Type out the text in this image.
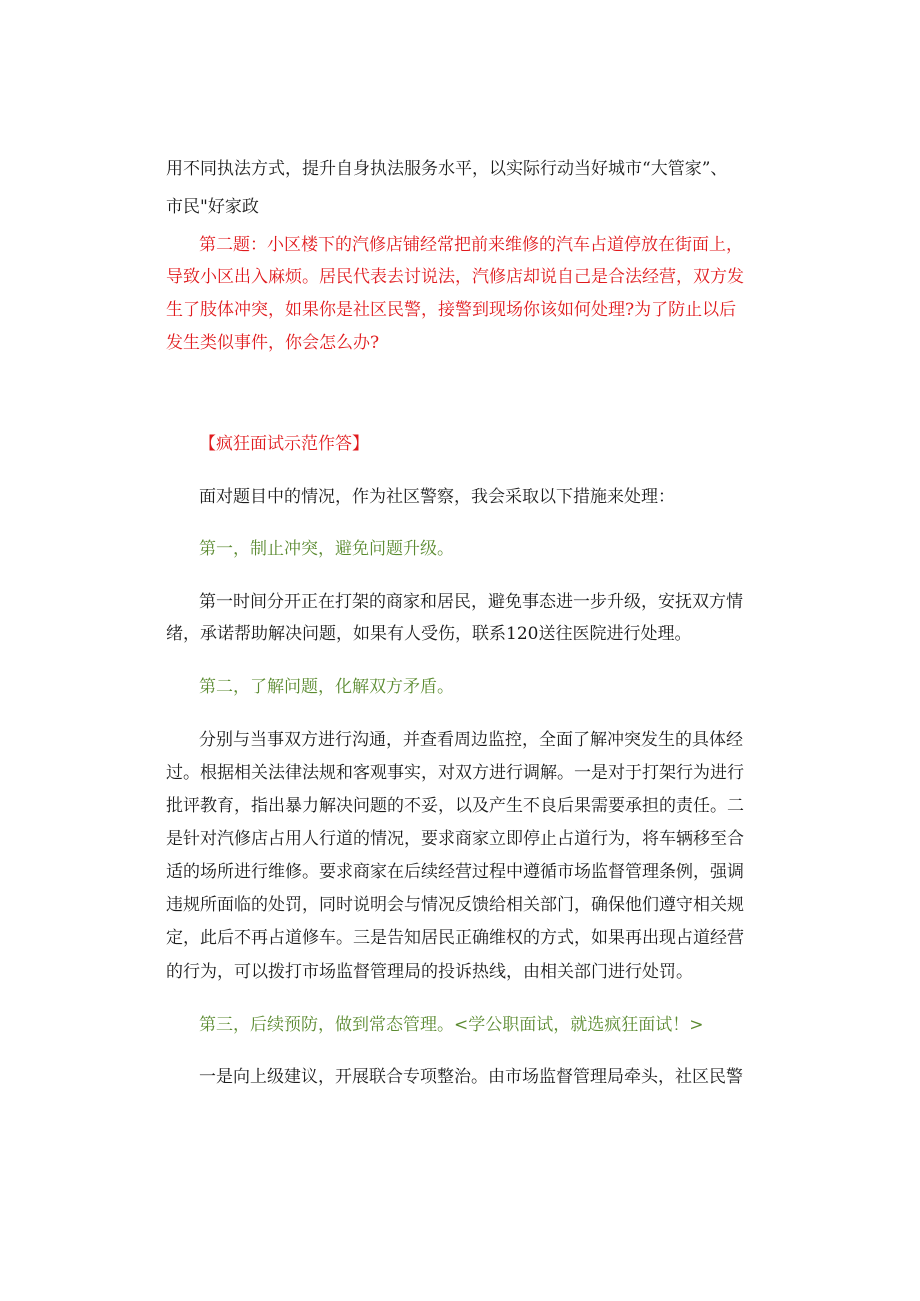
用不同执法方式，提升自身执法服务水平，以实际行动当好城市“大管家”、
市民"好家政
第二题：小区楼下的汽修店铺经常把前来维修的汽车占道停放在街面上，
导致小区出入麻烦。居民代表去讨说法，汽修店却说自己是合法经营，双方发
生了肢体冲突，如果你是社区民警，接警到现场你该如何处理?为了防止以后
发生类似事件，你会怎么办?
【疯狂面试示范作答】
面对题目中的情况，作为社区警察，我会采取以下措施来处理：
第一，制止冲突，避免问题升级。
第一时间分开正在打架的商家和居民，避免事态进一步升级，安抚双方情
绪，承诺帮助解决问题，如果有人受伤，联系120送往医院进行处理。
第二，了解问题，化解双方矛盾。
分别与当事双方进行沟通，并查看周边监控，全面了解冲突发生的具体经
过。根据相关法律法规和客观事实，对双方进行调解。一是对于打架行为进行
批评教育，指出暴力解决问题的不妥，以及产生不良后果需要承担的责任。二
是针对汽修店占用人行道的情况，要求商家立即停止占道行为，将车辆移至合
适的场所进行维修。要求商家在后续经营过程中遵循市场监督管理条例，强调
违规所面临的处罚，同时说明会与情况反馈给相关部门，确保他们遵守相关规
定，此后不再占道修车。三是告知居民正确维权的方式，如果再出现占道经营
的行为，可以拨打市场监督管理局的投诉热线，由相关部门进行处罚。
第三，后续预防，做到常态管理。<学公职面试，就选疯狂面试！>
一是向上级建议，开展联合专项整治。由市场监督管理局牵头，社区民警
